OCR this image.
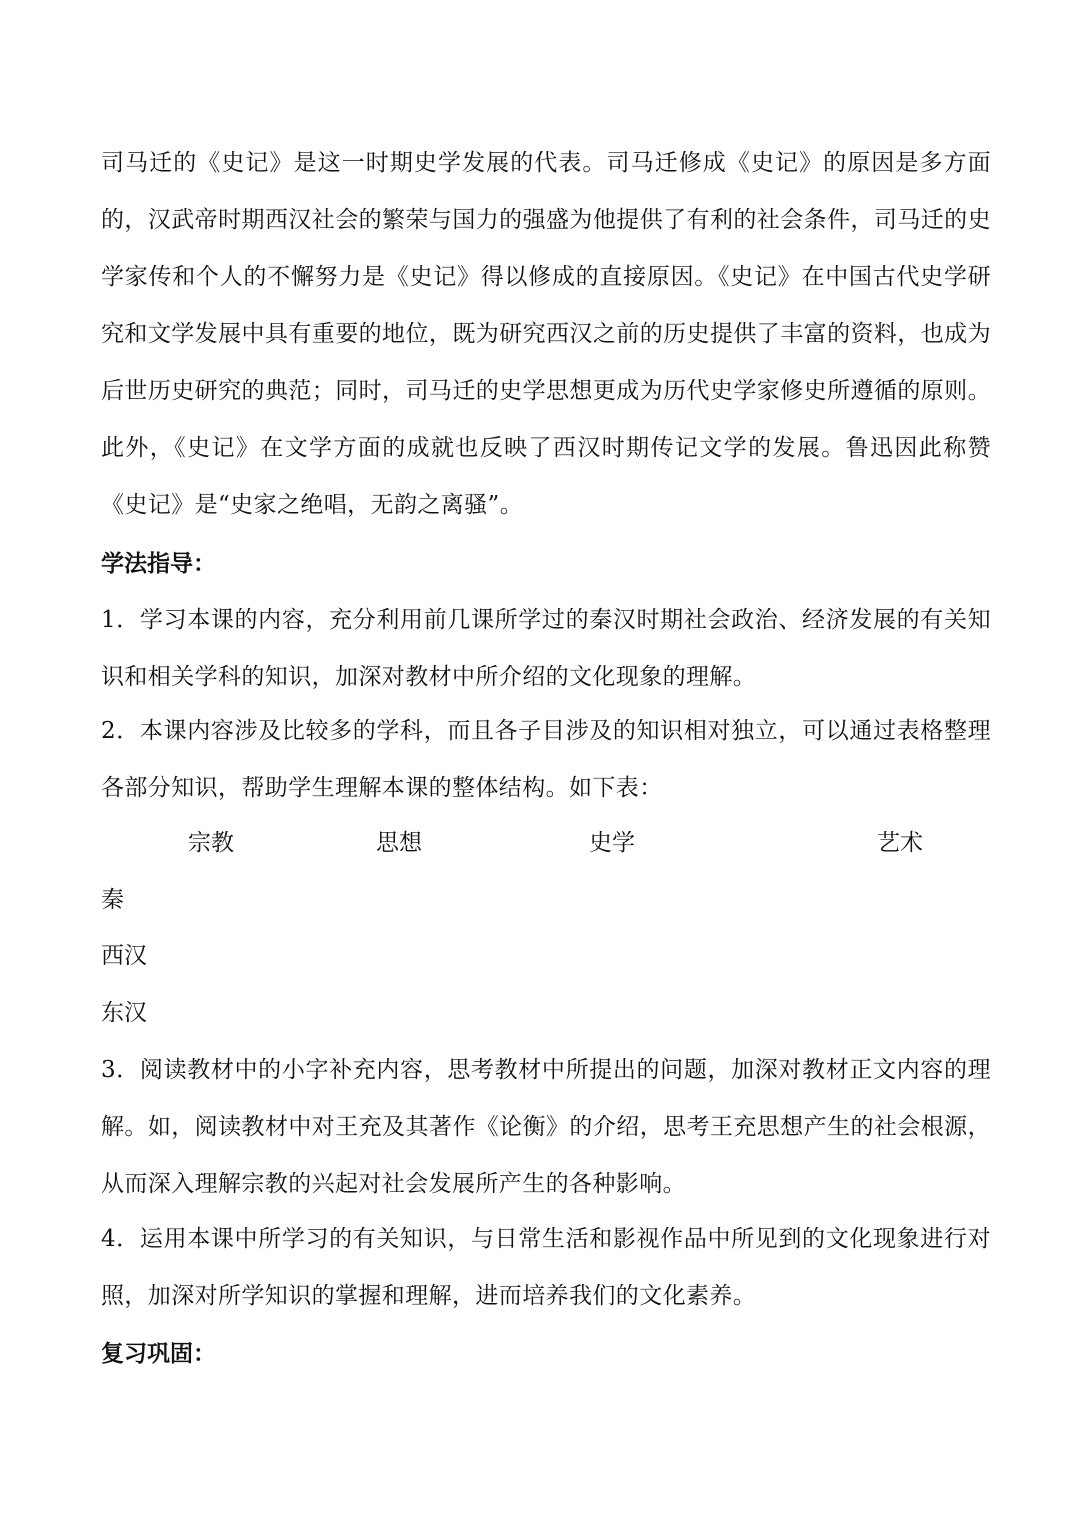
司马迁的《史记》是这一时期史学发展的代表。司马迁修成《史记》的原因是多方面的，汉武帝时期西汉社会的繁荣与国力的强盛为他提供了有利的社会条件，司马迁的史学家传和个人的不懈努力是《史记》得以修成的直接原因。《史记》在中国古代史学研究和文学发展中具有重要的地位，既为研究西汉之前的历史提供了丰富的资料，也成为后世历史研究的典范；同时，司马迁的史学思想更成为历代史学家修史所遵循的原则。此外，《史记》在文学方面的成就也反映了西汉时期传记文学的发展。鲁迅因此称赞《史记》是“史家之绝唱，无韵之离骚”。

学法指导：

1．学习本课的内容，充分利用前几课所学过的秦汉时期社会政治、经济发展的有关知识和相关学科的知识，加深对教材中所介绍的文化现象的理解。

2．本课内容涉及比较多的学科，而且各子目涉及的知识相对独立，可以通过表格整理各部分知识，帮助学生理解本课的整体结构。如下表：

宗教	思想	史学	艺术
秦
西汉
东汉

3．阅读教材中的小字补充内容，思考教材中所提出的问题，加深对教材正文内容的理解。如，阅读教材中对王充及其著作《论衡》的介绍，思考王充思想产生的社会根源，从而深入理解宗教的兴起对社会发展所产生的各种影响。

4．运用本课中所学习的有关知识，与日常生活和影视作品中所见到的文化现象进行对照，加深对所学知识的掌握和理解，进而培养我们的文化素养。

复习巩固：
